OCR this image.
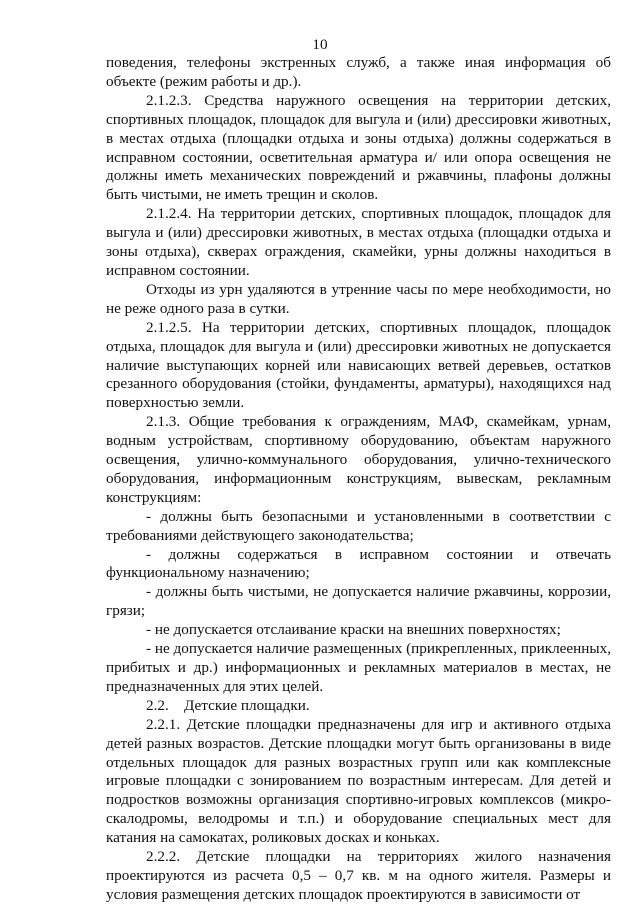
10

поведения, телефоны экстренных служб, а также иная информация об объекте (режим работы и др.).

2.1.2.3. Средства наружного освещения на территории детских, спортивных площадок, площадок для выгула и (или) дрессировки животных, в местах отдыха (площадки отдыха и зоны отдыха) должны содержаться в исправном состоянии, осветительная арматура и/ или опора освещения не должны иметь механических повреждений и ржавчины, плафоны должны быть чистыми, не иметь трещин и сколов.

2.1.2.4. На территории детских, спортивных площадок, площадок для выгула и (или) дрессировки животных, в местах отдыха (площадки отдыха и зоны отдыха), скверах ограждения, скамейки, урны должны находиться в исправном состоянии.

Отходы из урн удаляются в утренние часы по мере необходимости, но не реже одного раза в сутки.

2.1.2.5. На территории детских, спортивных площадок, площадок отдыха, площадок для выгула и (или) дрессировки животных не допускается наличие выступающих корней или нависающих ветвей деревьев, остатков срезанного оборудования (стойки, фундаменты, арматуры), находящихся над поверхностью земли.

2.1.3. Общие требования к ограждениям, МАФ, скамейкам, урнам, водным устройствам, спортивному оборудованию, объектам наружного освещения, улично-коммунального оборудования, улично-технического оборудования, информационным конструкциям, вывескам, рекламным конструкциям:

- должны быть безопасными и установленными в соответствии с требованиями действующего законодательства;

- должны содержаться в исправном состоянии и отвечать функциональному назначению;

- должны быть чистыми, не допускается наличие ржавчины, коррозии, грязи;

- не допускается отслаивание краски на внешних поверхностях;

- не допускается наличие размещенных (прикрепленных, приклеенных, прибитых и др.) информационных и рекламных материалов в местах, не предназначенных для этих целей.

2.2.    Детские площадки.

2.2.1. Детские площадки предназначены для игр и активного отдыха детей разных возрастов. Детские площадки могут быть организованы в виде отдельных площадок для разных возрастных групп или как комплексные игровые площадки с зонированием по возрастным интересам. Для детей и подростков возможны организация спортивно-игровых комплексов (микро-скалодромы, велодромы и т.п.) и оборудование специальных мест для катания на самокатах, роликовых досках и коньках.

2.2.2. Детские площадки на территориях жилого назначения проектируются из расчета 0,5 – 0,7 кв. м на одного жителя. Размеры и условия размещения детских площадок проектируются в зависимости от
